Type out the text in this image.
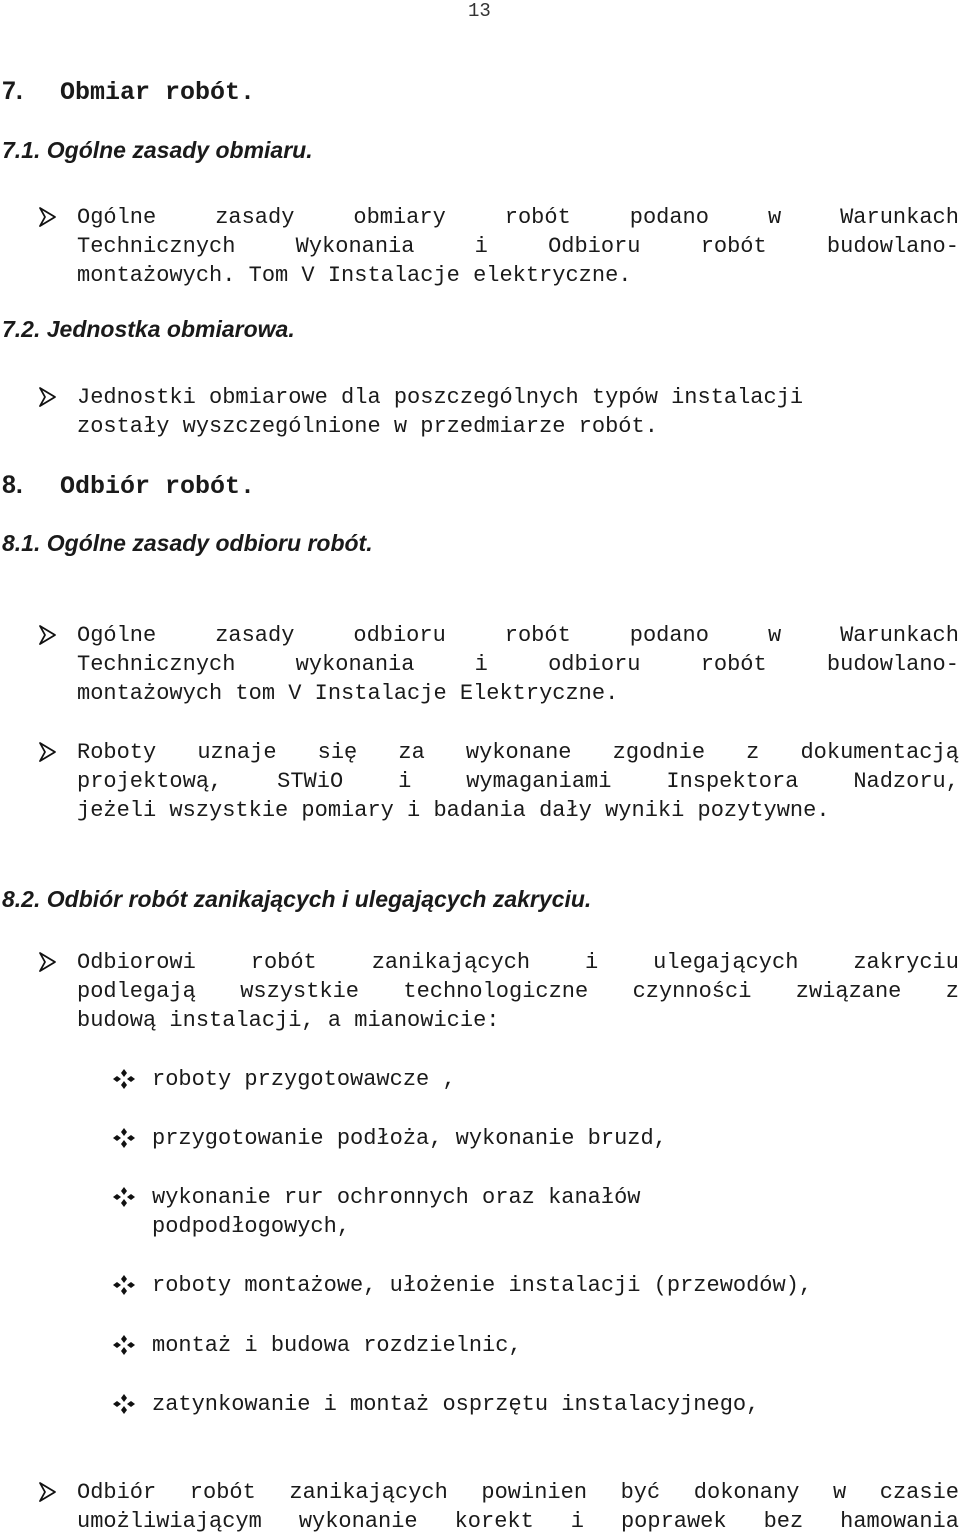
13
7. Obmiar robót.
7.1. Ogólne zasady obmiaru.
Ogólne	zasady	obmiary	robót	podano	w	Warunkach
Technicznych	Wykonania	i	Odbioru	robót	budowlano-
montażowych. Tom V Instalacje elektryczne.
7.2. Jednostka obmiarowa.
Jednostki obmiarowe dla poszczególnych typów instalacji
zostały wyszczególnione w przedmiarze robót.
8. Odbiór robót.
8.1. Ogólne zasady odbioru robót.
Ogólne	zasady	odbioru	robót	podano	w	Warunkach
Technicznych	wykonania	i	odbioru	robót	budowlano-
montażowych tom V Instalacje Elektryczne.
Roboty uznaje się za wykonane zgodnie z dokumentacją
projektową, STWiO i wymaganiami Inspektora Nadzoru,
jeżeli wszystkie pomiary i badania dały wyniki pozytywne.
8.2. Odbiór robót zanikających i ulegających zakryciu.
Odbiorowi robót zanikających i ulegających zakryciu
podlegają wszystkie technologiczne czynności związane z
budową instalacji, a mianowicie:
roboty przygotowawcze ,
przygotowanie podłoża, wykonanie bruzd,
wykonanie rur ochronnych oraz kanałów
podpodłogowych,
roboty montażowe, ułożenie instalacji (przewodów),
montaż i budowa rozdzielnic,
zatynkowanie i montaż osprzętu instalacyjnego,
Odbiór robót zanikających powinien być dokonany w czasie
umożliwiającym wykonanie korekt i poprawek bez hamowania
